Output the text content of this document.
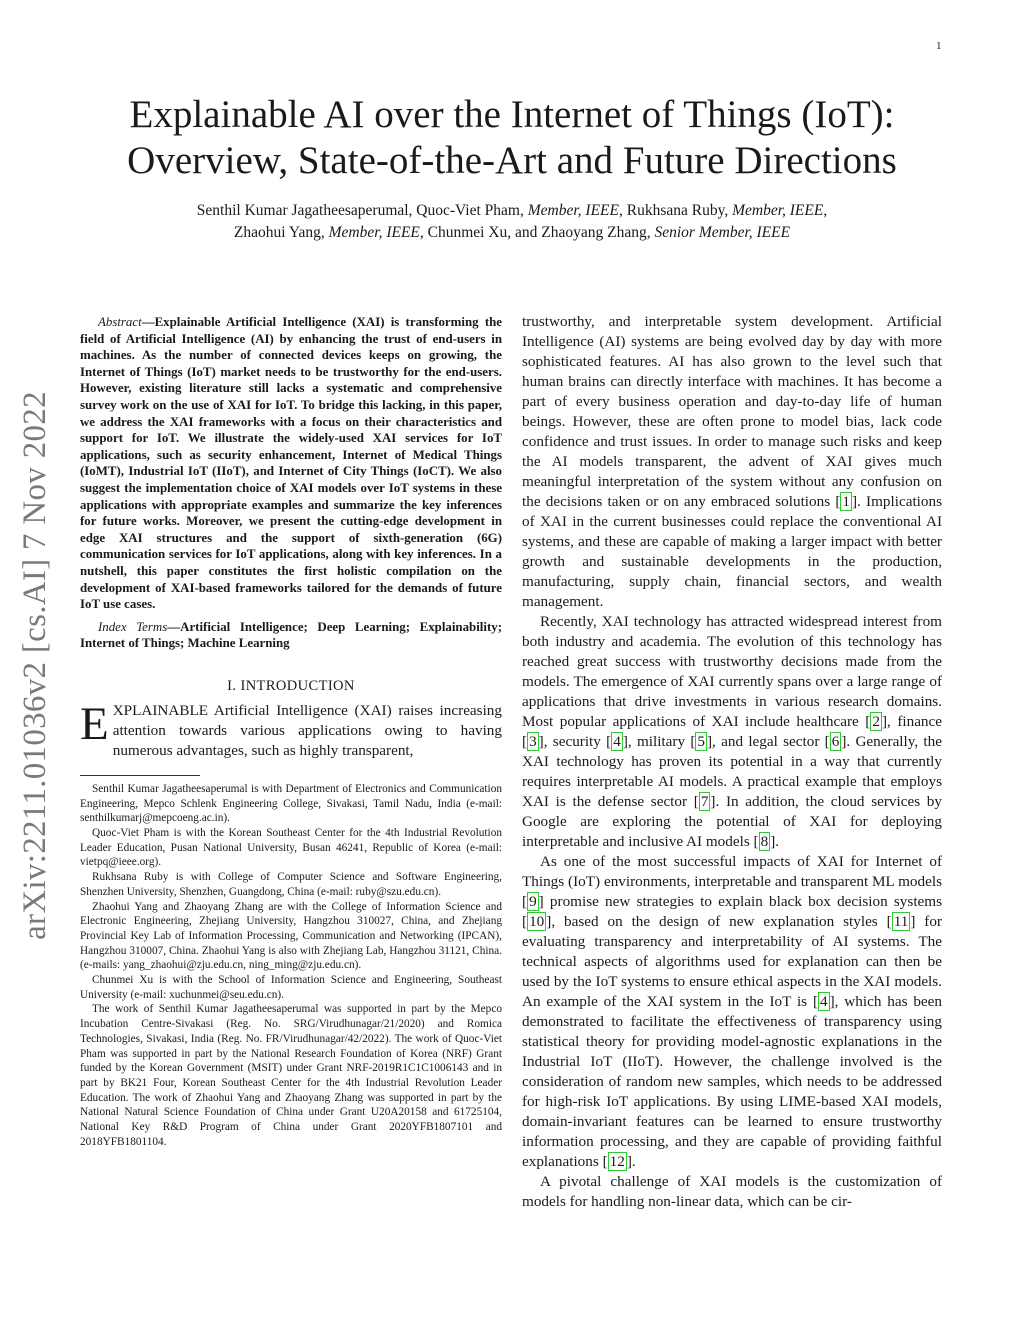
1
arXiv:2211.01036v2 [cs.AI] 7 Nov 2022
Explainable AI over the Internet of Things (IoT):
Overview, State-of-the-Art and Future Directions
Senthil Kumar Jagatheesaperumal, Quoc-Viet Pham, Member, IEEE, Rukhsana Ruby, Member, IEEE,
Zhaohui Yang, Member, IEEE, Chunmei Xu, and Zhaoyang Zhang, Senior Member, IEEE

Abstract—Explainable Artificial Intelligence (XAI) is transforming the field of Artificial Intelligence (AI) by enhancing the trust of end-users in machines. As the number of connected devices keeps on growing, the Internet of Things (IoT) market needs to be trustworthy for the end-users. However, existing literature still lacks a systematic and comprehensive survey work on the use of XAI for IoT. To bridge this lacking, in this paper, we address the XAI frameworks with a focus on their characteristics and support for IoT. We illustrate the widely-used XAI services for IoT applications, such as security enhancement, Internet of Medical Things (IoMT), Industrial IoT (IIoT), and Internet of City Things (IoCT). We also suggest the implementation choice of XAI models over IoT systems in these applications with appropriate examples and summarize the key inferences for future works. Moreover, we present the cutting-edge development in edge XAI structures and the support of sixth-generation (6G) communication services for IoT applications, along with key inferences. In a nutshell, this paper constitutes the first holistic compilation on the development of XAI-based frameworks tailored for the demands of future IoT use cases.

Index Terms—Artificial Intelligence; Deep Learning; Explainability; Internet of Things; Machine Learning

I. INTRODUCTION

EXPLAINABLE Artificial Intelligence (XAI) raises increasing attention towards various applications owing to having numerous advantages, such as highly transparent,

Senthil Kumar Jagatheesaperumal is with Department of Electronics and Communication Engineering, Mepco Schlenk Engineering College, Sivakasi, Tamil Nadu, India (e-mail: senthilkumarj@mepcoeng.ac.in).

Quoc-Viet Pham is with the Korean Southeast Center for the 4th Industrial Revolution Leader Education, Pusan National University, Busan 46241, Republic of Korea (e-mail: vietpq@ieee.org).

Rukhsana Ruby is with College of Computer Science and Software Engineering, Shenzhen University, Shenzhen, Guangdong, China (e-mail: ruby@szu.edu.cn).

Zhaohui Yang and Zhaoyang Zhang are with the College of Information Science and Electronic Engineering, Zhejiang University, Hangzhou 310027, China, and Zhejiang Provincial Key Lab of Information Processing, Communication and Networking (IPCAN), Hangzhou 310007, China. Zhaohui Yang is also with Zhejiang Lab, Hangzhou 31121, China.(e-mails: yang_zhaohui@zju.edu.cn, ning_ming@zju.edu.cn).

Chunmei Xu is with the School of Information Science and Engineering, Southeast University (e-mail: xuchunmei@seu.edu.cn).

The work of Senthil Kumar Jagatheesaperumal was supported in part by the Mepco Incubation Centre-Sivakasi (Reg. No. SRG/Virudhunagar/21/2020) and Romica Technologies, Sivakasi, India (Reg. No. FR/Virudhunagar/42/2022). The work of Quoc-Viet Pham was supported in part by the National Research Foundation of Korea (NRF) Grant funded by the Korean Government (MSIT) under Grant NRF-2019R1C1C1006143 and in part by BK21 Four, Korean Southeast Center for the 4th Industrial Revolution Leader Education. The work of Zhaohui Yang and Zhaoyang Zhang was supported in part by the National Natural Science Foundation of China under Grant U20A20158 and 61725104, National Key R&D Program of China under Grant 2020YFB1807101 and 2018YFB1801104.

trustworthy, and interpretable system development. Artificial Intelligence (AI) systems are being evolved day by day with more sophisticated features. AI has also grown to the level such that human brains can directly interface with machines. It has become a part of every business operation and day-to-day life of human beings. However, these are often prone to model bias, lack code confidence and trust issues. In order to manage such risks and keep the AI models transparent, the advent of XAI gives much meaningful interpretation of the system without any confusion on the decisions taken or on any embraced solutions [ 1 ]. Implications of XAI in the current businesses could replace the conventional AI systems, and these are capable of making a larger impact with better growth and sustainable developments in the production, manufacturing, supply chain, financial sectors, and wealth management.

Recently, XAI technology has attracted widespread interest from both industry and academia. The evolution of this technology has reached great success with trustworthy decisions made from the models. The emergence of XAI currently spans over a large range of applications that drive investments in various research domains. Most popular applications of XAI include healthcare [ 2 ], finance [ 3 ], security [ 4 ], military [ 5 ], and legal sector [ 6 ]. Generally, the XAI technology has proven its potential in a way that currently requires interpretable AI models. A practical example that employs XAI is the defense sector [ 7 ]. In addition, the cloud services by Google are exploring the potential of XAI for deploying interpretable and inclusive AI models [ 8 ].

As one of the most successful impacts of XAI for Internet of Things (IoT) environments, interpretable and transparent ML models [ 9 ] promise new strategies to explain black box decision systems [ 10 ], based on the design of new explanation styles [ 11 ] for evaluating transparency and interpretability of AI systems. The technical aspects of algorithms used for explanation can then be used by the IoT systems to ensure ethical aspects in the XAI models. An example of the XAI system in the IoT is [ 4 ], which has been demonstrated to facilitate the effectiveness of transparency using statistical theory for providing model-agnostic explanations in the Industrial IoT (IIoT). However, the challenge involved is the consideration of random new samples, which needs to be addressed for high-risk IoT applications. By using LIME-based XAI models, domain-invariant features can be learned to ensure trustworthy information processing, and they are capable of providing faithful explanations [ 12 ].

A pivotal challenge of XAI models is the customization of models for handling non-linear data, which can be cir-
